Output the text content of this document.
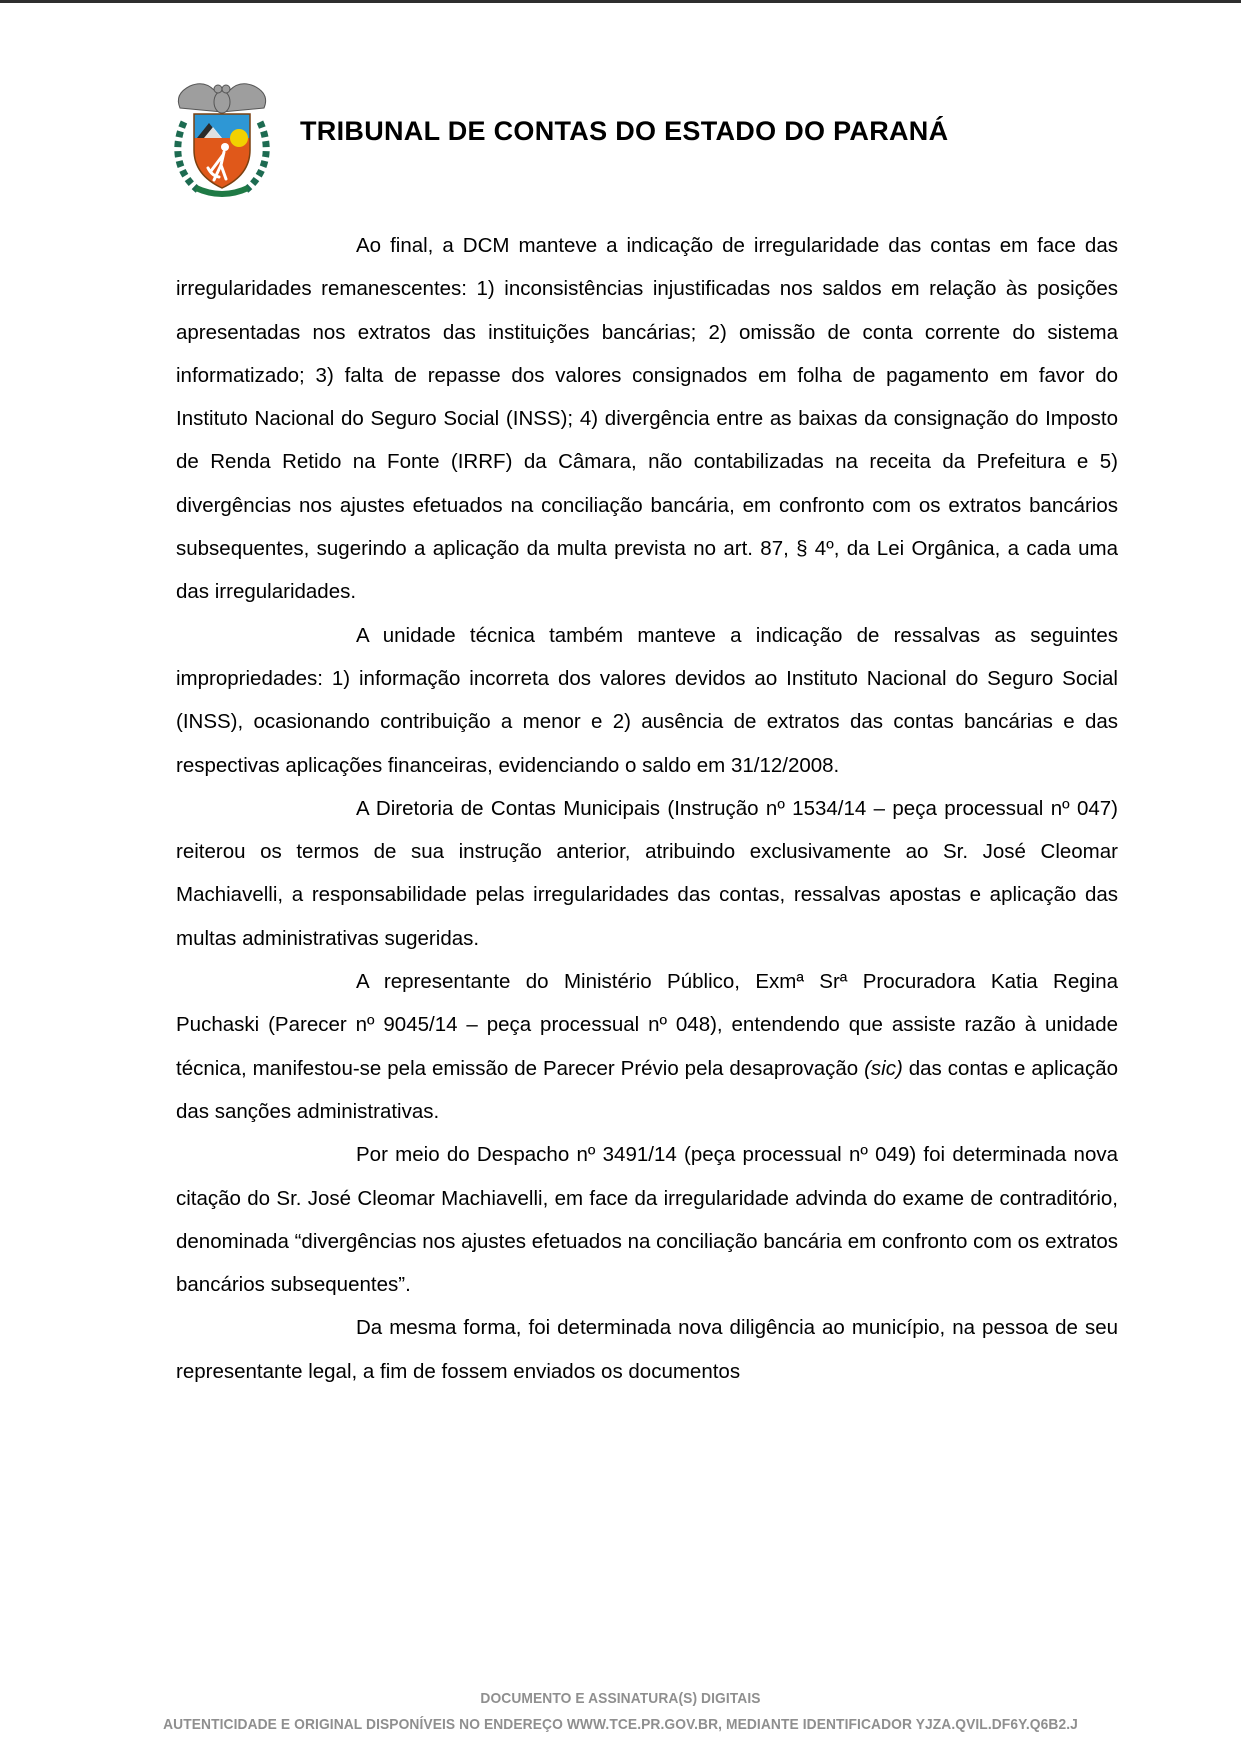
TRIBUNAL DE CONTAS DO ESTADO DO PARANÁ

Ao final, a DCM manteve a indicação de irregularidade das contas em face das irregularidades remanescentes: 1) inconsistências injustificadas nos saldos em relação às posições apresentadas nos extratos das instituições bancárias; 2) omissão de conta corrente do sistema informatizado; 3) falta de repasse dos valores consignados em folha de pagamento em favor do Instituto Nacional do Seguro Social (INSS); 4) divergência entre as baixas da consignação do Imposto de Renda Retido na Fonte (IRRF) da Câmara, não contabilizadas na receita da Prefeitura e 5) divergências nos ajustes efetuados na conciliação bancária, em confronto com os extratos bancários subsequentes, sugerindo a aplicação da multa prevista no art. 87, § 4º, da Lei Orgânica, a cada uma das irregularidades.

A unidade técnica também manteve a indicação de ressalvas as seguintes impropriedades: 1) informação incorreta dos valores devidos ao Instituto Nacional do Seguro Social (INSS), ocasionando contribuição a menor e 2) ausência de extratos das contas bancárias e das respectivas aplicações financeiras, evidenciando o saldo em 31/12/2008.

A Diretoria de Contas Municipais (Instrução nº 1534/14 – peça processual nº 047) reiterou os termos de sua instrução anterior, atribuindo exclusivamente ao Sr. José Cleomar Machiavelli, a responsabilidade pelas irregularidades das contas, ressalvas apostas e aplicação das multas administrativas sugeridas.

A representante do Ministério Público, Exmª Srª Procuradora Katia Regina Puchaski (Parecer nº 9045/14 – peça processual nº 048), entendendo que assiste razão à unidade técnica, manifestou-se pela emissão de Parecer Prévio pela desaprovação (sic) das contas e aplicação das sanções administrativas.

Por meio do Despacho nº 3491/14 (peça processual nº 049) foi determinada nova citação do Sr. José Cleomar Machiavelli, em face da irregularidade advinda do exame de contraditório, denominada “divergências nos ajustes efetuados na conciliação bancária em confronto com os extratos bancários subsequentes”.

Da mesma forma, foi determinada nova diligência ao município, na pessoa de seu representante legal, a fim de fossem enviados os documentos

DOCUMENTO E ASSINATURA(S) DIGITAIS
AUTENTICIDADE E ORIGINAL DISPONÍVEIS NO ENDEREÇO WWW.TCE.PR.GOV.BR, MEDIANTE IDENTIFICADOR YJZA.QVIL.DF6Y.Q6B2.J
